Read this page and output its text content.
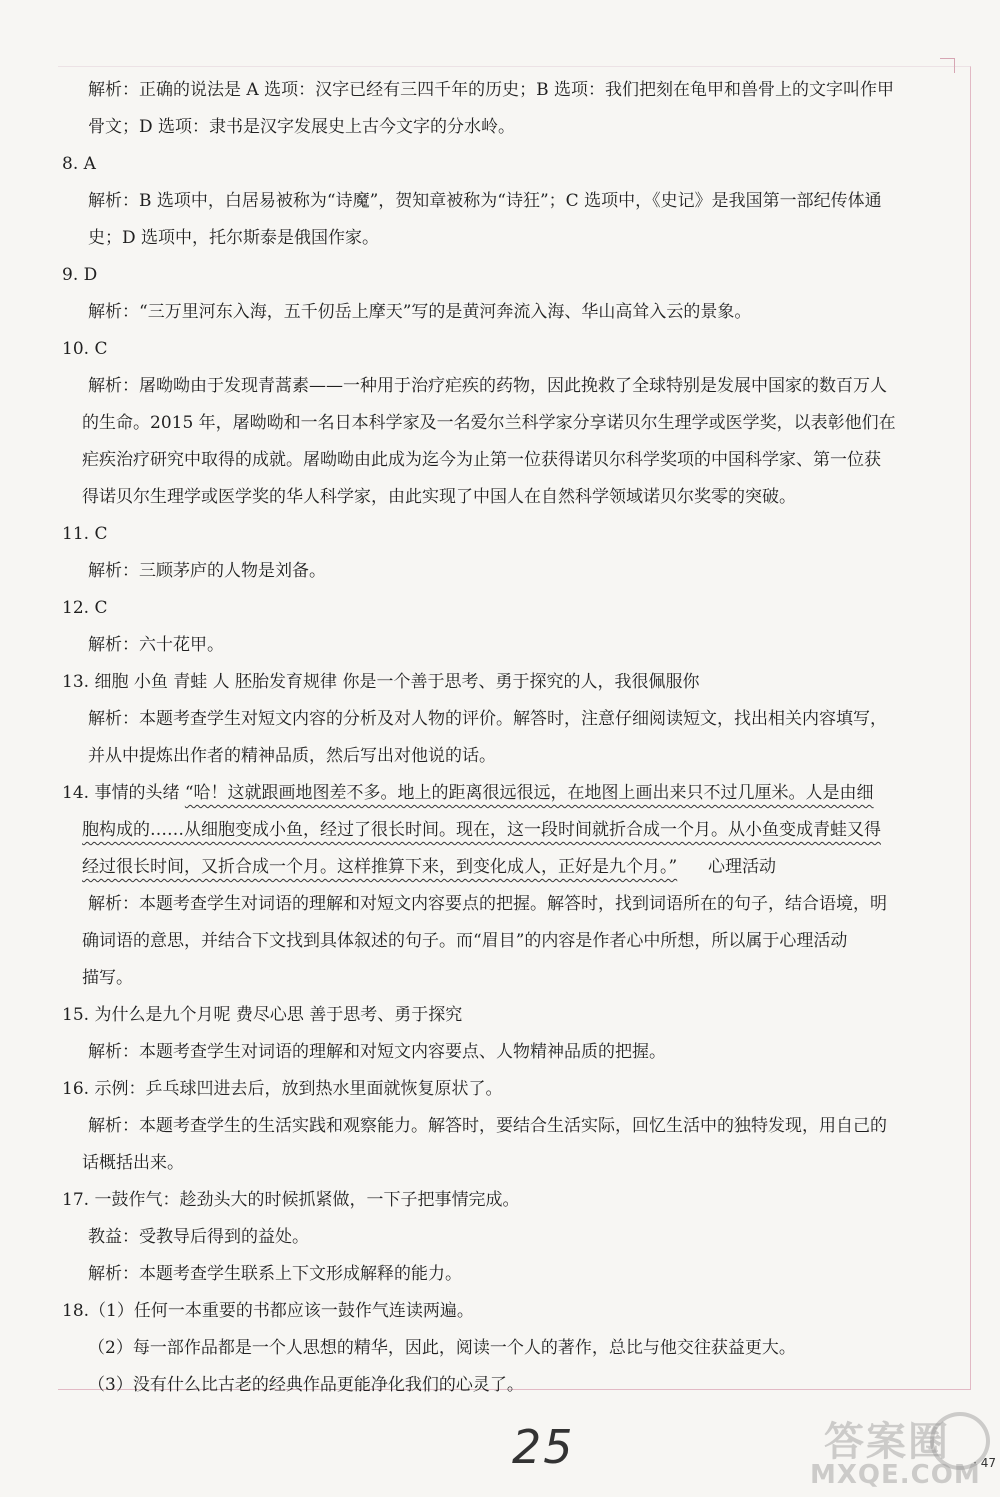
解析：正确的说法是 A 选项：汉字已经有三四千年的历史；B 选项：我们把刻在龟甲和兽骨上的文字叫作甲
骨文；D 选项：隶书是汉字发展史上古今文字的分水岭。
8. A
解析：B 选项中，白居易被称为“诗魔”，贺知章被称为“诗狂”；C 选项中，《史记》是我国第一部纪传体通
史；D 选项中，托尔斯泰是俄国作家。
9. D
解析：“三万里河东入海，五千仞岳上摩天”写的是黄河奔流入海、华山高耸入云的景象。
10. C
解析：屠呦呦由于发现青蒿素——一种用于治疗疟疾的药物，因此挽救了全球特别是发展中国家的数百万人
的生命。2015 年，屠呦呦和一名日本科学家及一名爱尔兰科学家分享诺贝尔生理学或医学奖，以表彰他们在
疟疾治疗研究中取得的成就。屠呦呦由此成为迄今为止第一位获得诺贝尔科学奖项的中国科学家、第一位获
得诺贝尔生理学或医学奖的华人科学家，由此实现了中国人在自然科学领域诺贝尔奖零的突破。
11. C
解析：三顾茅庐的人物是刘备。
12. C
解析：六十花甲。
13. 细胞 小鱼 青蛙 人 胚胎发育规律 你是一个善于思考、勇于探究的人，我很佩服你
解析：本题考查学生对短文内容的分析及对人物的评价。解答时，注意仔细阅读短文，找出相关内容填写，
并从中提炼出作者的精神品质，然后写出对他说的话。
14. 事情的头绪 “哈！这就跟画地图差不多。地上的距离很远很远，在地图上画出来只不过几厘米。人是由细
胞构成的……从细胞变成小鱼，经过了很长时间。现在，这一段时间就折合成一个月。从小鱼变成青蛙又得
经过很长时间，又折合成一个月。这样推算下来，到变化成人，正好是九个月。” 心理活动
解析：本题考查学生对词语的理解和对短文内容要点的把握。解答时，找到词语所在的句子，结合语境，明
确词语的意思，并结合下文找到具体叙述的句子。而“眉目”的内容是作者心中所想，所以属于心理活动
描写。
15. 为什么是九个月呢 费尽心思 善于思考、勇于探究
解析：本题考查学生对词语的理解和对短文内容要点、人物精神品质的把握。
16. 示例：乒乓球凹进去后，放到热水里面就恢复原状了。
解析：本题考查学生的生活实践和观察能力。解答时，要结合生活实际，回忆生活中的独特发现，用自己的
话概括出来。
17. 一鼓作气：趁劲头大的时候抓紧做，一下子把事情完成。
教益：受教导后得到的益处。
解析：本题考查学生联系上下文形成解释的能力。
18.（1）任何一本重要的书都应该一鼓作气连读两遍。
（2）每一部作品都是一个人思想的精华，因此，阅读一个人的著作，总比与他交往获益更大。
（3）没有什么比古老的经典作品更能净化我们的心灵了。
25	· 47
答案圈
MXQE.COM
